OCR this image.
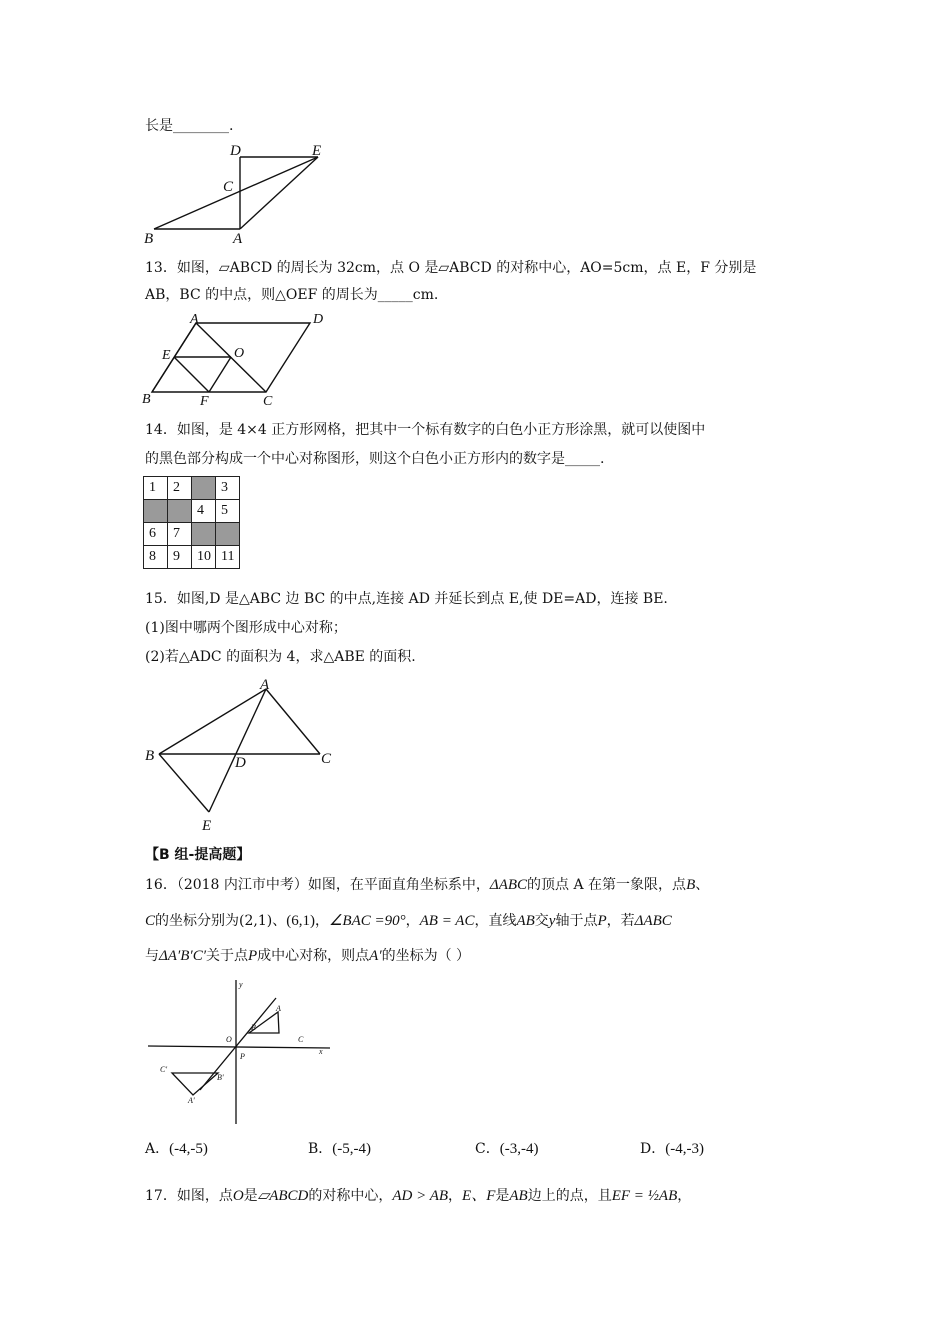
长是________.
D	E
C
B	A
13．如图，▱ABCD 的周长为 32cm，点 O 是▱ABCD 的对称中心，AO=5cm，点 E，F 分别是
AB，BC 的中点，则△OEF 的周长为_____cm.
A	D
E	O
B	F	C
14．如图，是 4×4 正方形网格，把其中一个标有数字的白色小正方形涂黑，就可以使图中
的黑色部分构成一个中心对称图形，则这个白色小正方形内的数字是_____.
1	2		3
		4	5
6	7		
8	9	10	11
15．如图,D 是△ABC 边 BC 的中点,连接 AD 并延长到点 E,使 DE=AD，连接 BE.
(1)图中哪两个图形成中心对称；
(2)若△ADC 的面积为 4，求△ABE 的面积.
A
B	D	C
E
【B 组-提高题】
16．（2018 内江市中考）如图，在平面直角坐标系中，ΔABC的顶点 A 在第一象限，点B、
C的坐标分别为(2,1)、(6,1)，∠BAC =90°，AB = AC，直线AB交y轴于点P，若ΔABC
与ΔA′B′C′关于点P成中心对称，则点A′的坐标为（ ）
y
x
O
P
A
B
C
A'
B'
C'
A．(-4,-5)	B．(-5,-4)	C．(-3,-4)	D．(-4,-3)
17．如图，点O是▱ABCD的对称中心，AD > AB，E、F是AB边上的点，且EF = ½AB，
